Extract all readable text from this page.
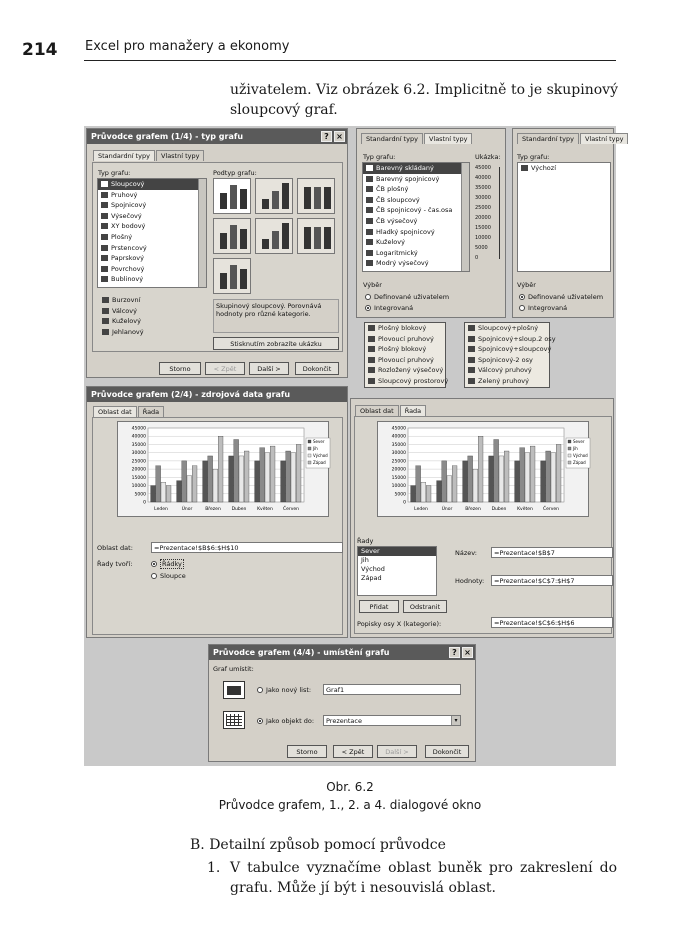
214 Excel pro manažery a ekonomy
uživatelem. Viz obrázek 6.2. Implicitně to je skupinový sloupcový graf.
Průvodce grafem (1/4) - typ grafu	? ×
Standardní typy	Vlastní typy
Typ grafu:
Sloupcový
Pruhový
Spojnicový
Výsečový
XY bodový
Plošný
Prstencový
Paprskový
Povrchový
Bublinový
Burzovní
Válcový
Kuželový
Jehlanový
Podtyp grafu:
Skupinový sloupcový. Porovnává hodnoty pro různé kategorie.
Stisknutím zobrazíte ukázku
Storno	< Zpět	Další >	Dokončit
Standardní typy	Vlastní typy
Typ grafu:	Ukázka:
Barevný skládaný
Barevný spojnicový
ČB plošný
ČB sloupcový
ČB spojnicový - čas.osa
ČB výsečový
Hladký spojnicový
Kuželový
Logaritmický
Modrý výsečový
45000
40000
35000
30000
25000
20000
15000
10000
5000
0
Výběr
Definované uživatelem
Integrovaná
Standardní typy	Vlastní typy
Typ grafu:
Výchozí
Výběr
Definované uživatelem
Integrovaná
Plošný blokový
Plovoucí pruhový
Plošný blokový
Plovoucí pruhový
Rozložený výsečový
Sloupcový prostorový
Sloupcový+plošný
Spojnicový+sloup.2 osy
Spojnicový+sloupcový
Spojnicový-2 osy
Válcový pruhový
Zelený pruhový
Průvodce grafem (2/4) - zdrojová data grafu
Oblast dat	Řada
45000
40000
35000
30000
25000
20000
15000
10000
5000
0
Leden	Únor	Březen Duben Květen Červen
Sever
Jih
Východ
Západ
Oblast dat:	=Prezentace!$B$6:$H$10
Řady tvoří:	Řádky
Sloupce
Oblast dat	Řada
45000
40000
35000
30000
25000
20000
15000
10000
5000
0
Leden	Únor	Březen Duben Květen Červen
Sever
Jih
Východ
Západ
Řady
Sever
Jih
Východ
Západ
Název:	=Prezentace!$B$7
Hodnoty:	=Prezentace!$C$7:$H$7
Přidat	Odstranit
Popisky osy X (kategorie):	=Prezentace!$C$6:$H$6
Průvodce grafem (4/4) - umístění grafu	? ×
Graf umístit:
Jako nový list:	Graf1
Jako objekt do:	Prezentace	▾
Storno	< Zpět	Další >	Dokončit
Obr. 6.2
Průvodce grafem, 1., 2. a 4. dialogové okno
B. Detailní způsob pomocí průvodce
1. V tabulce vyznačíme oblast buněk pro zakreslení do grafu. Může jí být i nesouvislá oblast.
